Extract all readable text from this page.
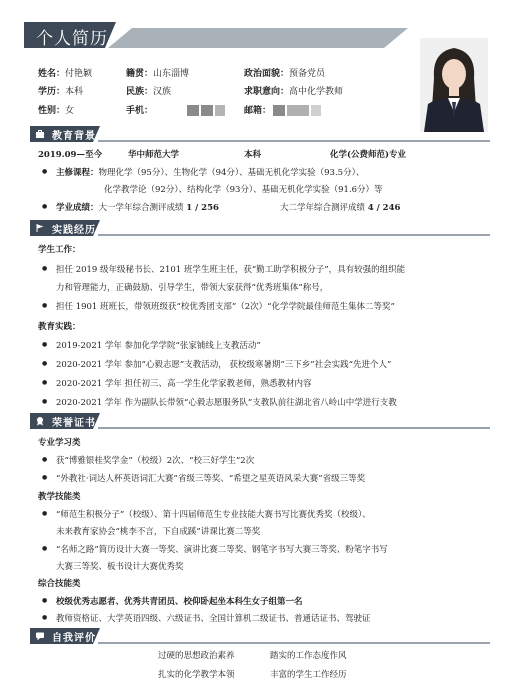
个人简历
姓名：付艳颖	籍贯：山东淄博	政治面貌：预备党员
学历：本科	民族：汉族	求职意向：高中化学教师
性别：女	手机：	邮箱：
教育背景
2019.09—至今	华中师范大学	本科	化学(公费师范)专业
● 主修课程：物理化学（95分）、生物化学（94分）、基础无机化学实验（93.5分）、
化学教学论（92分）、结构化学（93分）、基础无机化学实验（91.6分）等
● 学业成绩：大一学年综合测评成绩 1 / 256	大二学年综合测评成绩 4 / 246
实践经历
学生工作：
● 担任 2019 级年级秘书长、2101 班学生班主任，获“勤工助学积极分子”，具有较强的组织能
力和管理能力，正确鼓励、引导学生，带领大家获得“优秀班集体”称号，
● 担任 1901 班班长，带领班级获“校优秀团支部”（2次）“化学学院最佳师范生集体二等奖”
教育实践：
● 2019-2021 学年 参加化学学院“张家铺线上支教活动”
● 2020-2021 学年 参加“心毅志愿”支教活动， 获校级寒暑期“三下乡”社会实践“先进个人”
● 2020-2021 学年 担任初三、高一学生化学家教老师，熟悉教材内容
● 2020-2021 学年 作为副队长带领“心毅志愿服务队”支教队前往湖北省八岭山中学进行支教
荣誉证书
专业学习类
● 获“博雅银桂奖学金”（校级）2次、“校三好学生”2次
● “外教社·词达人杯英语词汇大赛”省级三等奖、“希望之星英语风采大赛”省级三等奖
教学技能类
● “师范生积极分子”（校级）、第十四届师范生专业技能大赛书写比赛优秀奖（校级）、
未来教育家协会“桃李不言，下自成蹊”讲课比赛二等奖
● “名师之路”简历设计大赛一等奖、演讲比赛二等奖、钢笔字书写大赛三等奖、粉笔字书写
大赛三等奖、板书设计大赛优秀奖
综合技能类
● 校级优秀志愿者、优秀共青团员、校仰卧起坐本科生女子组第一名
● 教师资格证、大学英语四级、六级证书、全国计算机二级证书、普通话证书、驾驶证
自我评价
过硬的思想政治素养	踏实的工作态度作风
扎实的化学教学本领	丰富的学生工作经历
